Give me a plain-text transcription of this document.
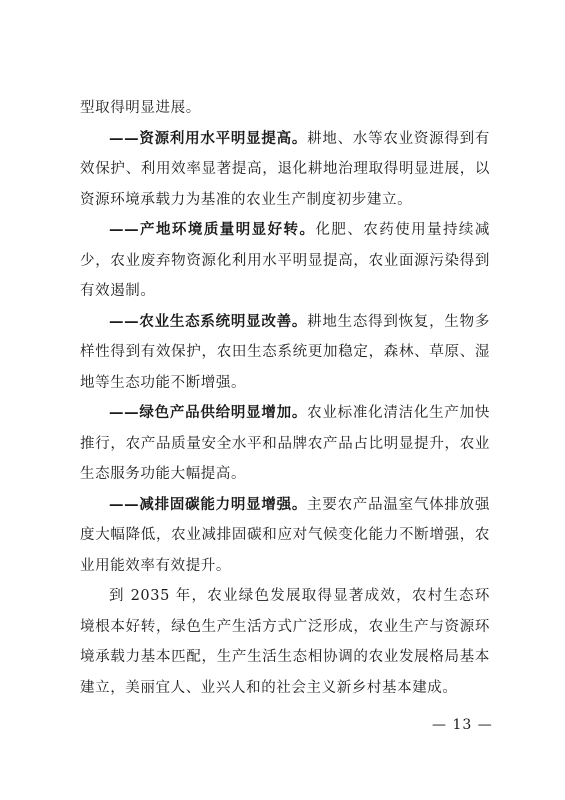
型取得明显进展。

——资源利用水平明显提高。耕地、水等农业资源得到有效保护、利用效率显著提高，退化耕地治理取得明显进展，以资源环境承载力为基准的农业生产制度初步建立。

——产地环境质量明显好转。化肥、农药使用量持续减少，农业废弃物资源化利用水平明显提高，农业面源污染得到有效遏制。

——农业生态系统明显改善。耕地生态得到恢复，生物多样性得到有效保护，农田生态系统更加稳定，森林、草原、湿地等生态功能不断增强。

——绿色产品供给明显增加。农业标准化清洁化生产加快推行，农产品质量安全水平和品牌农产品占比明显提升，农业生态服务功能大幅提高。

——减排固碳能力明显增强。主要农产品温室气体排放强度大幅降低，农业减排固碳和应对气候变化能力不断增强，农业用能效率有效提升。

到 2035 年，农业绿色发展取得显著成效，农村生态环境根本好转，绿色生产生活方式广泛形成，农业生产与资源环境承载力基本匹配，生产生活生态相协调的农业发展格局基本建立，美丽宜人、业兴人和的社会主义新乡村基本建成。

— 13 —
